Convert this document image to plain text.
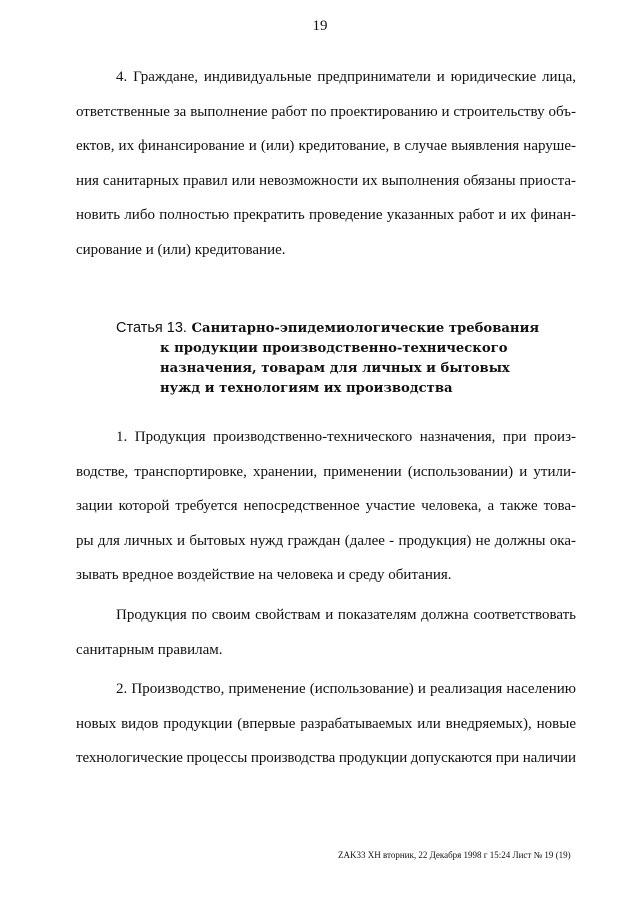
19
4. Граждане, индивидуальные предприниматели и юридические лица,
ответственные за выполнение работ по проектированию и строительству объ-
ектов, их финансирование и (или) кредитование, в случае выявления наруше-
ния санитарных правил или невозможности их выполнения обязаны приоста-
новить либо полностью прекратить проведение указанных работ и их финан-
сирование и (или) кредитование.
Статья 13. Санитарно-эпидемиологические требования
к продукции производственно-технического
назначения, товарам для личных и бытовых
нужд и технологиям их производства
1. Продукция производственно-технического назначения, при произ-
водстве, транспортировке, хранении, применении (использовании) и утили-
зации которой требуется непосредственное участие человека, а также това-
ры для личных и бытовых нужд граждан (далее - продукция) не должны ока-
зывать вредное воздействие на человека и среду обитания.
Продукция по своим свойствам и показателям должна соответствовать
санитарным правилам.
2. Производство, применение (использование) и реализация населению
новых видов продукции (впервые разрабатываемых или внедряемых), новые
технологические процессы производства продукции допускаются при наличии
ZAK33 XH вторник, 22 Декабря 1998 г 15:24 Лист № 19 (19)
